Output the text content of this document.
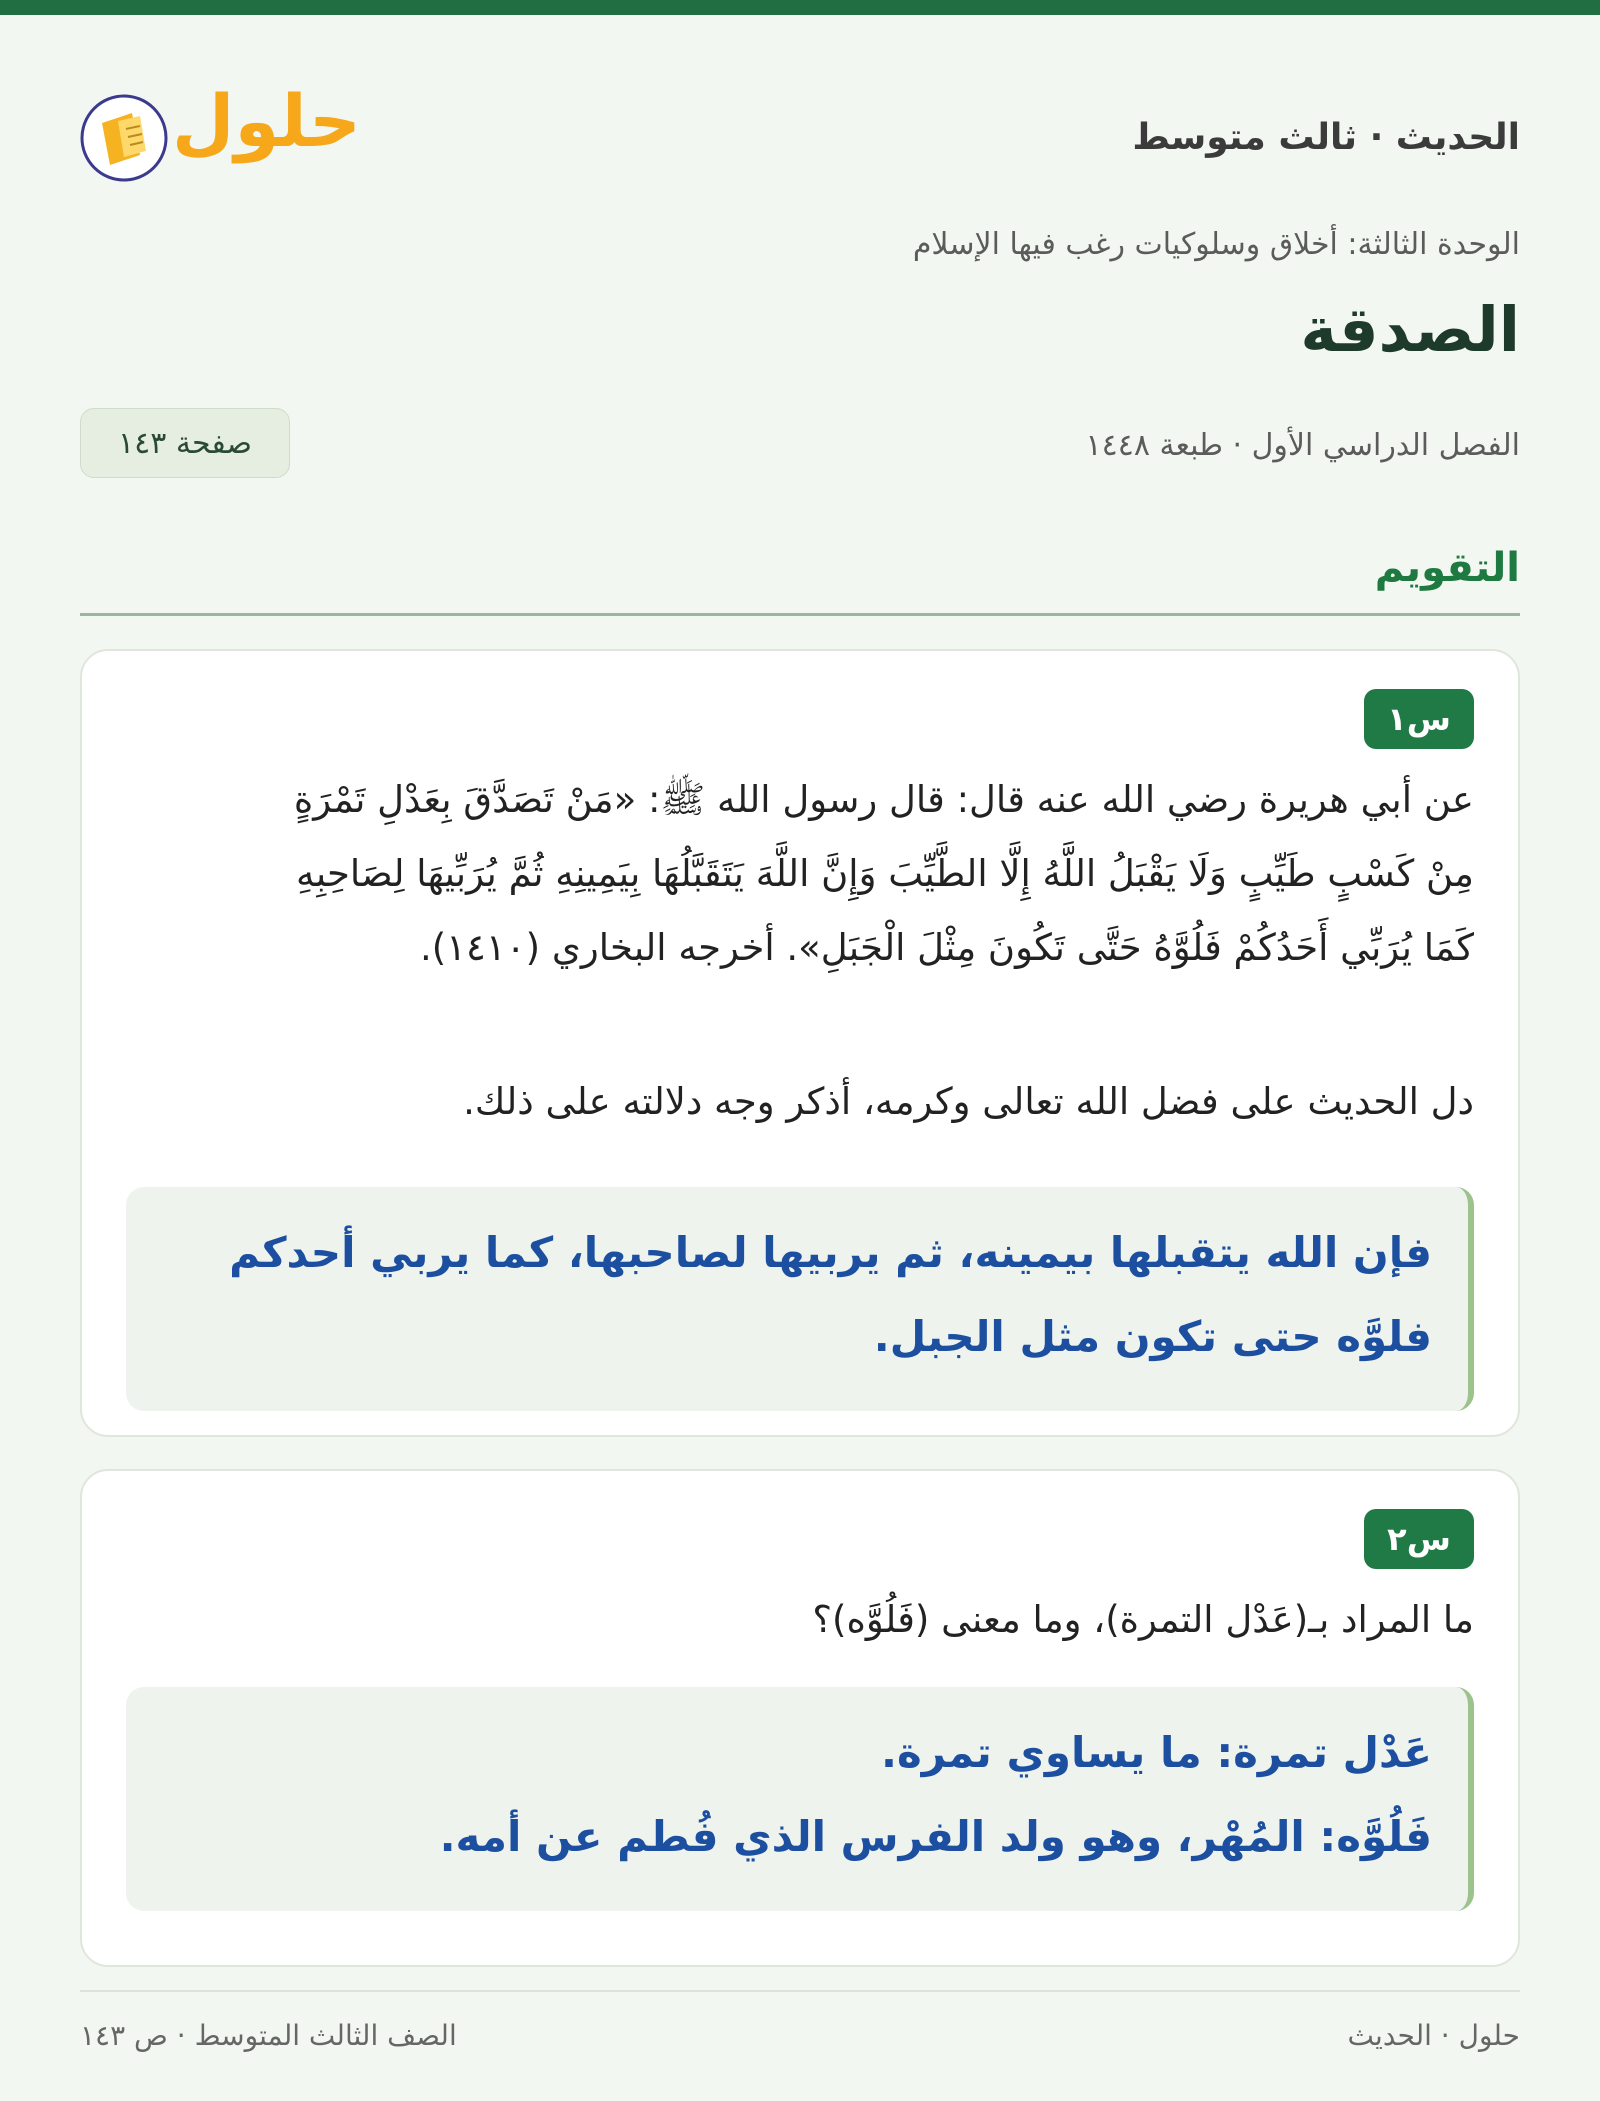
الحديث · ثالث متوسط
حلول
الوحدة الثالثة: أخلاق وسلوكيات رغب فيها الإسلام
الصدقة
الفصل الدراسي الأول · طبعة ١٤٤٨
صفحة ١٤٣
التقويم
س١
عن أبي هريرة رضي الله عنه قال: قال رسول الله ﷺ: «مَنْ تَصَدَّقَ بِعَدْلِ تَمْرَةٍ
مِنْ كَسْبٍ طَيِّبٍ وَلَا يَقْبَلُ اللَّهُ إِلَّا الطَّيِّبَ وَإِنَّ اللَّهَ يَتَقَبَّلُهَا بِيَمِينِهِ ثُمَّ يُرَبِّيهَا لِصَاحِبِهِ
كَمَا يُرَبِّي أَحَدُكُمْ فَلُوَّهُ حَتَّى تَكُونَ مِثْلَ الْجَبَلِ». أخرجه البخاري (١٤١٠).
دل الحديث على فضل الله تعالى وكرمه، أذكر وجه دلالته على ذلك.
فإن الله يتقبلها بيمينه، ثم يربيها لصاحبها، كما يربي أحدكم
فلوَّه حتى تكون مثل الجبل.
س٢
ما المراد بـ(عَدْل التمرة)، وما معنى (فَلُوَّه)؟
عَدْل تمرة: ما يساوي تمرة.
فَلُوَّه: المُهْر، وهو ولد الفرس الذي فُطم عن أمه.
حلول · الحديث
الصف الثالث المتوسط · ص ١٤٣
